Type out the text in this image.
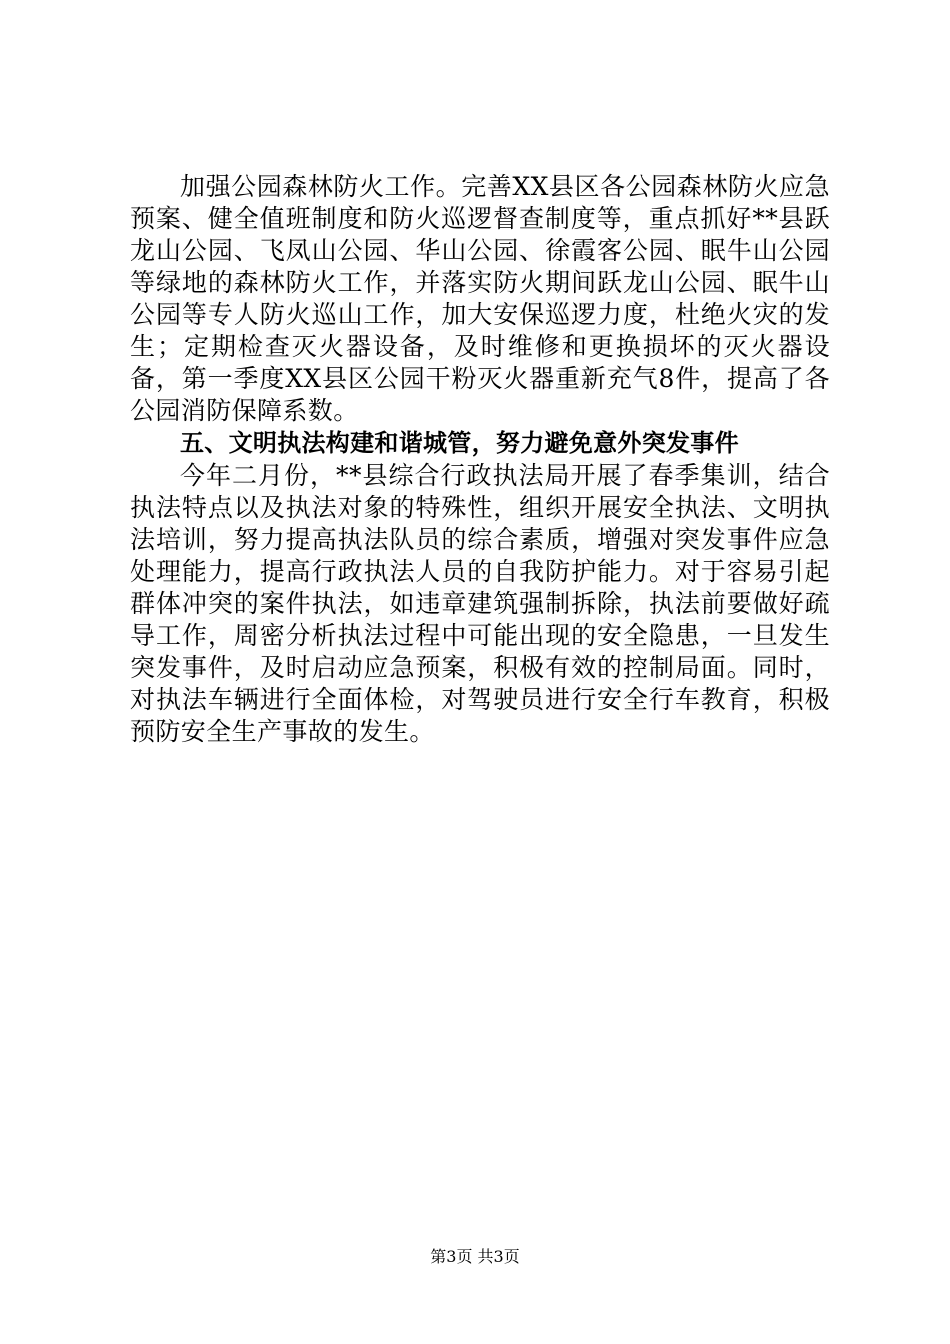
加强公园森林防火工作。完善XX县区各公园森林防火应急预案、健全值班制度和防火巡逻督查制度等，重点抓好**县跃龙山公园、飞凤山公园、华山公园、徐霞客公园、眠牛山公园等绿地的森林防火工作，并落实防火期间跃龙山公园、眠牛山公园等专人防火巡山工作，加大安保巡逻力度，杜绝火灾的发生；定期检查灭火器设备，及时维修和更换损坏的灭火器设备，第一季度XX县区公园干粉灭火器重新充气8件，提高了各公园消防保障系数。

五、文明执法构建和谐城管，努力避免意外突发事件

今年二月份，**县综合行政执法局开展了春季集训，结合执法特点以及执法对象的特殊性，组织开展安全执法、文明执法培训，努力提高执法队员的综合素质，增强对突发事件应急处理能力，提高行政执法人员的自我防护能力。对于容易引起群体冲突的案件执法，如违章建筑强制拆除，执法前要做好疏导工作，周密分析执法过程中可能出现的安全隐患，一旦发生突发事件，及时启动应急预案，积极有效的控制局面。同时，对执法车辆进行全面体检，对驾驶员进行安全行车教育，积极预防安全生产事故的发生。

第3页 共3页
